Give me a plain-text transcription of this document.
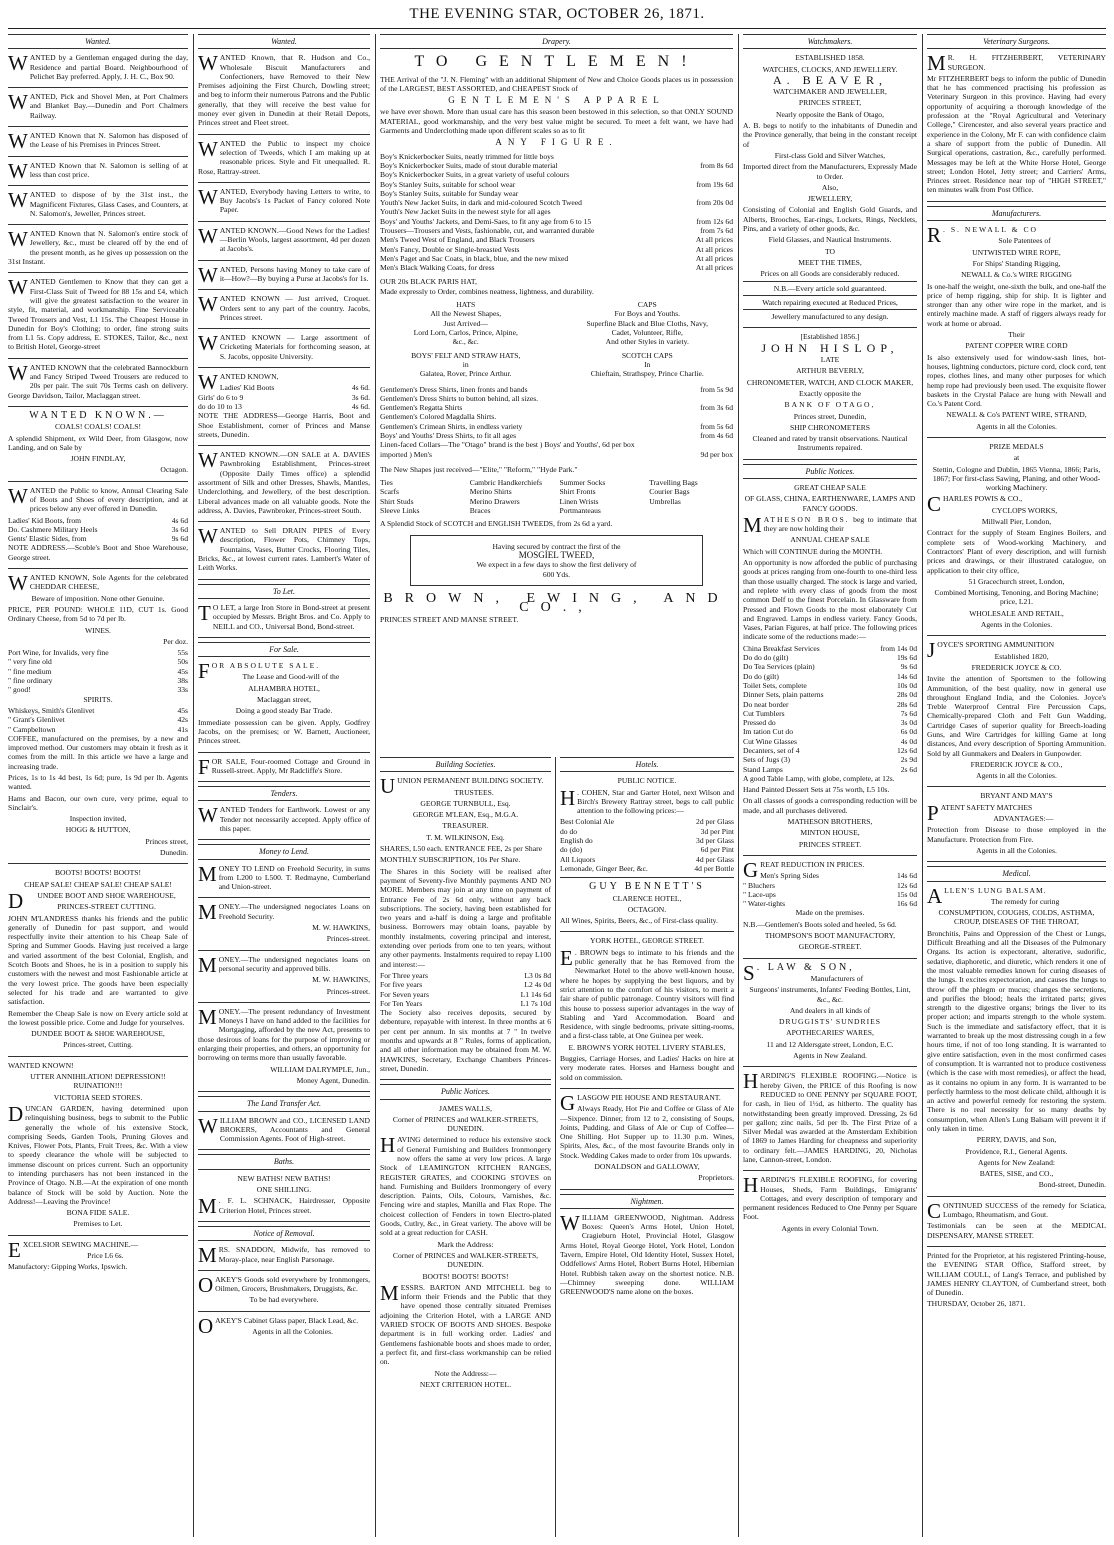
THE EVENING STAR, OCTOBER 26, 1871.
Wanted.

WANTED by a Gentleman engaged during the day, Residence and partial Board. Neighbourhood of Pelichet Bay preferred. Apply, J. H. C., Box 90.

WANTED, Pick and Shovel Men, at Port Chalmers and Blanket Bay.—Dunedin and Port Chalmers Railway.

WANTED Known that N. Salomon has disposed of the Lease of his Premises in Princes Street.

WANTED Known that N. Salomon is selling of at less than cost price.

WANTED to dispose of by the 31st inst., the Magnificent Fixtures, Glass Cases, and Counters, at N. Salomon's, Jeweller, Princes street.

WANTED Known that N. Salomon's entire stock of Jewellery, &c., must be cleared off by the end of the present month, as he gives up possession on the 31st Instant.

WANTED Gentlemen to Know that they can get a First-Class Suit of Tweed for 88 15s and £4, which will give the greatest satisfaction to the wearer in style, fit, material, and workmanship. Fine Serviceable Tweed Trousers and Vest, L1 15s. The Cheapest House in Dunedin for Boy's Clothing; to order, fine strong suits from L1 5s. Copy address, E. STOKES, Tailor, &c., next to British Hotel, George-street

WANTED KNOWN that the celebrated Bannockburn and Fancy Striped Tweed Trousers are reduced to 20s per pair. The suit 70s Terms cash on delivery. George Davidson, Tailor, Maclaggan street.

WANTED KNOWN.—

COALS! COALS! COALS!

A splendid Shipment, ex Wild Deer, from Glasgow, now Landing, and on Sale by

JOHN FINDLAY,

Octagon.

WANTED the Public to know, Annual Clearing Sale of Boots and Shoes of every description, and at prices below any ever offered in Dunedin.

Ladies' Kid Boots, from	4s 6d
Do. Cashmere Military Heels	3s 6d
Gents' Elastic Sides, from	9s 6d

NOTE ADDRESS.—Scoble's Boot and Shoe Warehouse, George street.

WANTED KNOWN, Sole Agents for the celebrated CHEDDAR CHEESE,

Beware of imposition. None other Genuine.

PRICE, PER POUND: WHOLE 11D, CUT 1s. Good Ordinary Cheese, from 5d to 7d per lb.

WINES.

Per doz.

Port Wine, for Invalids, very fine	55s
" very fine old	50s
" fine medium	45s
" fine ordinary	38s
" good!	33s

SPIRITS.

Whiskeys, Smith's Glenlivet	45s
" Grant's Glenlivet	42s
" Campbeltown	41s

COFFEE, manufactured on the premises, by a new and improved method. Our customers may obtain it fresh as it comes from the mill. In this article we have a large and increasing trade.

Prices, 1s to 1s 4d best, 1s 6d; pure, 1s 9d per lb. Agents wanted.

Hams and Bacon, our own cure, very prime, equal to Sinclair's.

Inspection invited,

HOGG & HUTTON,

Princes street,

Dunedin.

BOOTS! BOOTS! BOOTS!

CHEAP SALE! CHEAP SALE! CHEAP SALE!

D UNDEE BOOT AND SHOE WAREHOUSE,

PRINCES-STREET CUTTING.

JOHN M'LANDRESS thanks his friends and the public generally of Dunedin for past support, and would respectfully invite their attention to his Cheap Sale of Spring and Summer Goods. Having just received a large and varied assortment of the best Colonial, English, and Scotch Boots and Shoes, he is in a position to supply his customers with the newest and most Fashionable article at the very lowest price. The goods have been especially selected for his trade and are warranted to give satisfaction.

Remember the Cheap Sale is now on Every article sold at the lowest possible price. Come and Judge for yourselves.

DUNDEE BOOT & SHOE WAREHOUSE,

Princes-street, Cutting.

WANTED KNOWN!

UTTER ANNIHILATION! DEPRESSION!! RUINATION!!!

VICTORIA SEED STORES.

DUNCAN GARDEN, having determined upon relinquishing business, begs to submit to the Public generally the whole of his extensive Stock, comprising Seeds, Garden Tools, Pruning Gloves and Knives, Flower Pots, Plants, Fruit Trees, &c. With a view to speedy clearance the whole will be subjected to immense discount on prices current. Such an opportunity to intending purchasers has not been instanced in the Province of Otago. N.B.—At the expiration of one month balance of Stock will be sold by Auction. Note the Address!—Leaving the Province!

BONA FIDE SALE.

Premises to Let.

EXCELSIOR SEWING MACHINE.—

Price L6 6s.

Manufactory: Gipping Works, Ipswich.

Wanted.

WANTED Known, that R. Hudson and Co., Wholesale Biscuit Manufacturers and Confectioners, have Removed to their New Premises adjoining the First Church, Dowling street; and beg to inform their numerous Patrons and the Public generally, that they will receive the best value for money ever given in Dunedin at their Retail Depots, Princes street and Fleet street.

WANTED the Public to inspect my choice selection of Tweeds, which I am making up at reasonable prices. Style and Fit unequalled. R. Rose, Rattray-street.

WANTED, Everybody having Letters to write, to Buy Jacobs's 1s Packet of Fancy colored Note Paper.

WANTED KNOWN.—Good News for the Ladies!—Berlin Wools, largest assortment, 4d per dozen at Jacobs's.

WANTED, Persons having Money to take care of it—How?—By buying a Purse at Jacobs's for 1s.

WANTED KNOWN — Just arrived, Croquet. Orders sent to any part of the country. Jacobs, Princes street.

WANTED KNOWN — Large assortment of Cricketing Materials for forthcoming season, at S. Jacobs, opposite University.

WANTED KNOWN,

Ladies' Kid Boots	4s 6d.
Girls' do 6 to 9	3s 6d.
do do 10 to 13	4s 6d.

NOTE THE ADDRESS—George Harris, Boot and Shoe Establishment, corner of Princes and Manse streets, Dunedin.

WANTED KNOWN.—ON SALE at A. DAVIES Pawnbroking Establishment, Princes-street (Opposite Daily Times office) a splendid assortment of Silk and other Dresses, Shawls, Mantles, Underclothing, and Jewellery, of the best description. Liberal advances made on all valuable goods. Note the address, A. Davies, Pawnbroker, Princes-street South.

WANTED to Sell DRAIN PIPES of Every description, Flower Pots, Chimney Tops, Fountains, Vases, Butter Crocks, Flooring Tiles, Bricks, &c., at lowest current rates. Lambert's Water of Leith Works.

To Let.

T O LET, a large Iron Store in Bond-street at present occupied by Messrs. Bright Bros. and Co. Apply to NEILL and CO., Universal Bond, Bond-street.

For Sale.

FOR ABSOLUTE SALE.

The Lease and Good-will of the

ALHAMBRA HOTEL,

Maclaggan street,

Doing a good steady Bar Trade.

Immediate possession can be given. Apply, Godfrey Jacobs, on the premises; or W. Barnett, Auctioneer, Princes street.

FOR SALE, Four-roomed Cottage and Ground in Russell-street. Apply, Mr Radcliffe's Store.

Tenders.

WANTED Tenders for Earthwork. Lowest or any Tender not necessarily accepted. Apply office of this paper.

Money to Lend.

MONEY TO LEND on Freehold Security, in sums from L200 to L500. T. Redmayne, Cumberland and Union-street.

MONEY.—The undersigned negociates Loans on Freehold Security.

M. W. HAWKINS,

Princes-street.

MONEY.—The undersigned negociates loans on personal security and approved bills.

M. W. HAWKINS,

Princes-street.

MONEY.—The present redundancy of Investment Moneys I have on hand added to the facilities for Mortgaging, afforded by the new Act, presents to those desirous of loans for the purpose of improving or enlarging their properties, and others, an opportunity for borrowing on terms more than usually favorable.

WILLIAM DALRYMPLE, Jun.,

Money Agent, Dunedin.

The Land Transfer Act.

WILLIAM BROWN and CO., LICENSED LAND BROKERS, Accountants and General Commission Agents. Foot of High-street.

Baths.

NEW BATHS! NEW BATHS!

ONE SHILLING.

M . F. L. SCHNACK, Hairdresser, Opposite Criterion Hotel, Princes street.

Notice of Removal.

MRS. SNADDON, Midwife, has removed to Moray-place, near English Parsonage.

OAKEY'S Goods sold everywhere by Ironmongers, Oilmen, Grocers, Brushmakers, Druggists, &c.

To be had everywhere.

OAKEY'S Cabinet Glass paper, Black Lead, &c.

Agents in all the Colonies.

Drapery.
TO GENTLEMEN!

THE Arrival of the "J. N. Fleming" with an additional Shipment of New and Choice Goods places us in possession of the LARGEST, BEST ASSORTED, and CHEAPEST Stock of

GENTLEMEN'S APPAREL

we have ever shown. More than usual care has this season been bestowed in this selection, so that ONLY SOUND MATERIAL, good workmanship, and the very best value might be secured. To meet a felt want, we have had Garments and Underclothing made upon different scales so as to fit

ANY FIGURE.
Boy's Knickerbocker Suits, neatly trimmed for little boys
Boy's Knickerbocker Suits, made of stout durable material	from 8s 6d
Boy's Knickerbocker Suits, in a great variety of useful colours
Boy's Stanley Suits, suitable for school wear	from 19s 6d
Boy's Stanley Suits, suitable for Sunday wear
Youth's New Jacket Suits, in dark and mid-coloured Scotch Tweed	from 20s 0d
Youth's New Jacket Suits in the newest style for all ages
Boys' and Youths' Jackets, and Demi-Saes, to fit any age from 6 to 15	from 12s 6d
Trousers—Trousers and Vests, fashionable, cut, and warranted durable	from 7s 6d
Men's Tweed West of England, and Black Trousers	At all prices
Men's Fancy, Double or Single-breasted Vests	At all prices
Men's Paget and Sac Coats, in black, blue, and the new mixed	At all prices
Men's Black Walking Coats, for dress	At all prices

OUR 20s BLACK PARIS HAT,

Made expressly to Order, combines neatness, lightness, and durability.

HATS
All the Newest Shapes,
Just Arrived—
Lord Lorn, Carlos, Prince, Alpine,
&c., &c.
CAPS
For Boys and Youths.
Superfine Black and Blue Cloths, Navy,
Cadet, Volunteer, Rifle,
And other Styles in variety.
BOYS' FELT AND STRAW HATS,
in
Galatea, Rover, Prince Arthur.
SCOTCH CAPS
In
Chieftain, Strathspey, Prince Charlie.
Gentlemen's Dress Shirts, linen fronts and bands	from 5s 9d
Gentlemen's Dress Shirts to button behind, all sizes.
Gentlemen's Regatta Shirts	from 3s 6d
Gentlemen's Colored Magdalla Shirts.
Gentlemen's Crimean Shirts, in endless variety	from 5s 6d
Boys' and Youths' Dress Shirts, to fit all ages	from 4s 6d
Linen-faced Collars—The "Otago" brand is the best ) Boys' and Youths', 6d per box
imported ) Men's	9d per box

The New Shapes just received—"Elite," "Reform," "Hyde Park."

Ties	Cambric Handkerchiefs	Summer Socks	Travelling Bags
Scarfs	Merino Shirts	Shirt Fronts	Courier Bags
Shirt Studs	Merino Drawers	Linen Wrists	Umbrellas
Sleeve Links	Braces	Portmanteaus

A Splendid Stock of SCOTCH and ENGLISH TWEEDS, from 2s 6d a yard.

Having secured by contract the first of the
MOSGIEL TWEED,
We expect in a few days to show the first delivery of
600 Yds.
BROWN, EWING, AND CO.,

PRINCES STREET AND MANSE STREET.

Building Societies.

UUNION PERMANENT BUILDING SOCIETY.

TRUSTEES.

GEORGE TURNBULL, Esq.

GEORGE M'LEAN, Esq., M.G.A.

TREASURER.

T. M. WILKINSON, Esq.

SHARES, L50 each. ENTRANCE FEE, 2s per Share

MONTHLY SUBSCRIPTION, 10s Per Share.

The Shares in this Society will be realised after payment of Seventy-five Monthly payments AND NO MORE. Members may join at any time on payment of Entrance Fee of 2s 6d only, without any back subscriptions. The society, having been established for two years and a-half is doing a large and profitable business. Borrowers may obtain loans, payable by monthly instalments, covering principal and interest, extending over periods from one to ten years, without any other payments. Instalments required to repay L100 and interest:—

For Three years	L3 0s 8d
For five years	L2 4s 0d
For Seven years	L1 14s 6d
For Ten Years	L1 7s 10d

The Society also receives deposits, secured by debenture, repayable with interest. In three months at 6 per cent per annum. In six months at 7 " In twelve months and upwards at 8 " Rules, forms of application, and all other information may be obtained from M. W. HAWKINS, Secretary, Exchange Chambers Princes-street, Dunedin.

Public Notices.

JAMES WALLS,

Corner of PRINCES and WALKER-STREETS, DUNEDIN.

HAVING determined to reduce his extensive stock of General Furnishing and Builders Ironmongery now offers the same at very low prices. A large Stock of LEAMINGTON KITCHEN RANGES, REGISTER GRATES, and COOKING STOVES on hand. Furnishing and Builders Ironmongery of every description. Paints, Oils, Colours, Varnishes, &c. Fencing wire and staples, Manilla and Flax Rope. The choicest collection of Fenders in town Electro-plated Goods, Cutlry, &c., in Great variety. The above will be sold at a great reduction for CASH.

Mark the Address:

Corner of PRINCES and WALKER-STREETS, DUNEDIN.

BOOTS! BOOTS! BOOTS!

MESSRS. BARTON AND MITCHELL beg to inform their Friends and the Public that they have opened those centrally situated Premises adjoining the Criterion Hotel, with a LARGE AND VARIED STOCK OF BOOTS AND SHOES. Bespoke department is in full working order. Ladies' and Gentlemens fashionable boots and shoes made to order, a perfect fit, and first-class workmanship can be relied on.

Note the Address:—

NEXT CRITERION HOTEL.

Hotels.

PUBLIC NOTICE.

H . COHEN, Star and Garter Hotel, next Wilson and Birch's Brewery Rattray street, begs to call public attention to the following prices:—

Best Colonial Ale	2d per Glass
do do	3d per Pint
English do	3d per Glass
do (do)	6d per Pint
All Liquors	4d per Glass
Lemonade, Ginger Beer, &c.	4d per Bottle

GUY BENNETT'S

CLARENCE HOTEL,

OCTAGON.

All Wines, Spirits, Beers, &c., of First-class quality.

YORK HOTEL, GEORGE STREET.

E . BROWN begs to intimate to his friends and the public generally that he has Removed from the Newmarket Hotel to the above well-known house, where he hopes by supplying the best liquors, and by strict attention to the comfort of his visitors, to merit a fair share of public patronage. Country visitors will find this house to possess superior advantages in the way of Stabling and Yard Accommodation. Board and Residence, with single bedrooms, private sitting-rooms, and a first-class table, at One Guinea per week.

E. BROWN'S YORK HOTEL LIVERY STABLES,

Buggies, Carriage Horses, and Ladies' Hacks on hire at very moderate rates. Horses and Harness bought and sold on commission.

GLASGOW PIE HOUSE AND RESTAURANT.

Always Ready, Hot Pie and Coffee or Glass of Ale—Sixpence. Dinner, from 12 to 2, consisting of Soups, Joints, Pudding, and Glass of Ale or Cup of Coffee—One Shilling. Hot Supper up to 11.30 p.m. Wines, Spirits, Ales, &c., of the most favourite Brands only in Stock. Wedding Cakes made to order from 10s upwards.

DONALDSON and GALLOWAY,

Proprietors.

Nightmen.

WILLIAM GREENWOOD, Nightman. Address Boxes: Queen's Arms Hotel, Union Hotel, Cragieburn Hotel, Provincial Hotel, Glasgow Arms Hotel, Royal George Hotel, York Hotel, London Tavern, Empire Hotel, Old Identity Hotel, Sussex Hotel, Oddfellows' Arms Hotel, Robert Burns Hotel, Hibernian Hotel. Rubbish taken away on the shortest notice. N.B.—Chimney sweeping done. WILLIAM GREENWOOD'S name alone on the boxes.

Watchmakers.

ESTABLISHED 1858.

WATCHES, CLOCKS, AND JEWELLERY.

A. BEAVER,

WATCHMAKER AND JEWELLER,

PRINCES STREET,

Nearly opposite the Bank of Otago,

A. B. begs to notify to the inhabitants of Dunedin and the Province generally, that being in the constant receipt of

First-class Gold and Silver Watches,

Imported direct from the Manufacturers, Expressly Made to Order.

Also,

JEWELLERY,

Consisting of Colonial and English Gold Guards, and Alberts, Brooches, Ear-rings, Lockets, Rings, Necklets, Pins, and a variety of other goods, &c.

Field Glasses, and Nautical Instruments.

TO

MEET THE TIMES,

Prices on all Goods are considerably reduced.

N.B.—Every article sold guaranteed.

Watch repairing executed at Reduced Prices,

Jewellery manufactured to any design.

[Established 1856.]

JOHN HISLOP,

LATE

ARTHUR BEVERLY,

CHRONOMETER, WATCH, AND CLOCK MAKER,

Exactly opposite the

BANK OF OTAGO,

Princes street, Dunedin,

SHIP CHRONOMETERS

Cleaned and rated by transit observations. Nautical Instruments repaired.

Public Notices.

GREAT CHEAP SALE

OF GLASS, CHINA, EARTHENWARE, LAMPS AND FANCY GOODS.

MATHESON BROS. beg to intimate that they are now holding their

ANNUAL CHEAP SALE

Which will CONTINUE during the MONTH.

An opportunity is now afforded the public of purchasing goods at prices ranging from one-fourth to one-third less than those usually charged. The stock is large and varied, and replete with every class of goods from the most common Delf to the finest Porcelain. In Glassware from Pressed and Flown Goods to the most elaborately Cut and Engraved. Lamps in endless variety. Fancy Goods, Vases, Parian Figures, at half price. The following prices indicate some of the reductions made:—

China Breakfast Services	from 14s 0d
Do do do (gilt)	19s 6d
Do Tea Services (plain)	9s 6d
Do do (gilt)	14s 6d
Toilet Sets, complete	10s 0d
Dinner Sets, plain patterns	28s 0d
Do neat border	28s 6d
Cut Tumblers	7s 6d
Pressed do	3s 0d
Im tation Cut do	6s 0d
Cut Wine Glasses	4s 0d
Decanters, set of 4	12s 6d
Sets of Jugs (3)	2s 9d
Stand Lamps	2s 6d

A good Table Lamp, with globe, complete, at 12s.

Hand Painted Dessert Sets at 75s worth, L5 10s.

On all classes of goods a corresponding reduction will be made, and all purchases delivered.

MATHESON BROTHERS,

MINTON HOUSE,

PRINCES STREET.

GREAT REDUCTION IN PRICES.

Men's Spring Sides	14s 6d
" Bluchers	12s 6d
" Lace-ups	15s 0d
" Water-tights	16s 6d

Made on the premises.

N.B.—Gentlemen's Boots soled and heeled, 5s 6d.

THOMPSON'S BOOT MANUFACTORY,

GEORGE-STREET.

S . LAW & SON,

Manufacturers of

Surgeons' instruments, Infants' Feeding Bottles, Lint, &c., &c.

And dealers in all kinds of

DRUGGISTS' SUNDRIES

APOTHECARIES' WARES,

11 and 12 Aldersgate street, London, E.C.

Agents in New Zealand.

HARDING'S FLEXIBLE ROOFING.—Notice is hereby Given, the PRICE of this Roofing is now REDUCED to ONE PENNY per SQUARE FOOT, for cash, in lieu of 1½d, as hitherto. The quality has notwithstanding been greatly improved. Dressing, 2s 6d per gallon; zinc nails, 5d per lb. The First Prize of a Silver Medal was awarded at the Amsterdam Exhibition of 1869 to James Harding for cheapness and superiority to ordinary felt.—JAMES HARDING, 20, Nicholas lane, Cannon-street, London.

HARDING'S FLEXIBLE ROOFING, for covering Houses, Sheds, Farm Buildings, Emigrants' Cottages, and every description of temporary and permanent residences Reduced to One Penny per Square Foot.

Agents in every Colonial Town.

Veterinary Surgeons.

M R. H. FITZHERBERT, VETERINARY SURGEON.

Mr FITZHERBERT begs to inform the public of Dunedin that he has commenced practising his profession as Veterinary Surgeon in this province. Having had every opportunity of acquiring a thorough knowledge of the profession at the "Royal Agricultural and Veterinary College," Cirencester, and also several years practice and experience in the Colony, Mr F. can with confidence claim a share of support from the public of Dunedin. All Surgical operations, castration, &c., carefully performed. Messages may be left at the White Horse Hotel, George street; London Hotel, Jetty street; and Carriers' Arms, Princes street. Residence near top of "HIGH STREET," ten minutes walk from Post Office.

Manufacturers.

R . S. NEWALL & CO

Sole Patentees of

UNTWISTED WIRE ROPE,

For Ships' Standing Rigging,

NEWALL & Co.'s WIRE RIGGING

Is one-half the weight, one-sixth the bulk, and one-half the price of hemp rigging, ship for ship. It is lighter and stronger than any other wire rope in the market, and is entirely machine made. A staff of riggers always ready for work at home or abroad.

Their

PATENT COPPER WIRE CORD

Is also extensively used for window-sash lines, hot-houses, lightning conductors, picture cord, clock cord, tent ropes, clothes lines, and many other purposes for which hemp rope had previously been used. The exquisite flower baskets in the Crystal Palace are hung with Newall and Co.'s Patent Cord.

NEWALL & Co's PATENT WIRE, STRAND,

Agents in all the Colonies.

PRIZE MEDALS

at

Stettin, Cologne and Dublin, 1865 Vienna, 1866; Paris, 1867; For first-class Sawing, Planing, and other Wood-working Machinery.

CHARLES POWIS & CO.,

CYCLOPS WORKS,

Millwall Pier, London,

Contract for the supply of Steam Engines Boilers, and complete sets of Wood-working Machinery, and Contractors' Plant of every description, and will furnish prices and drawings, or their illustrated catalogue, on application to their city office,

51 Gracechurch street, London,

Combined Mortising, Tenoning, and Boring Machine; price, L21.

WHOLESALE AND RETAIL,

Agents in the Colonies.

JOYCE'S SPORTING AMMUNITION

Established 1820,

FREDERICK JOYCE & CO.

Invite the attention of Sportsmen to the following Ammunition, of the best quality, now in general use throughout England India, and the Colonies. Joyce's Treble Waterproof Central Fire Percussion Caps, Chemically-prepared Cloth and Felt Gun Wadding, Cartridge Cases of superior quality for Breech-loading Guns, and Wire Cartridges for killing Game at long distances, And every description of Sporting Ammunition. Sold by all Gunmakers and Dealers in Gunpowder.

FREDERICK JOYCE & CO.,

Agents in all the Colonies.

BRYANT AND MAY'S

PATENT SAFETY MATCHES

ADVANTAGES:—

Protection from Disease to those employed in the Manufacture. Protection from Fire.

Agents in all the Colonies.

Medical.

ALLEN'S LUNG BALSAM.

The remedy for curing

CONSUMPTION, COUGHS, COLDS, ASTHMA, CROUP, DISEASES OF THE THROAT,

Bronchitis, Pains and Oppression of the Chest or Lungs, Difficult Breathing and all the Diseases of the Pulmonary Organs. Its action is expectorant, alterative, sudorific, sedative, diaphoretic, and diuretic, which renders it one of the most valuable remedies known for curing diseases of the lungs. It excites expectoration, and causes the lungs to throw off the phlegm or mucus; changes the secretions, and purifies the blood; heals the irritated parts; gives strength to the digestive organs; brings the liver to its proper action; and imparts strength to the whole system. Such is the immediate and satisfactory effect, that it is warranted to break up the most distressing cough in a few hours time, if not of too long standing. It is warranted to give entire satisfaction, even in the most confirmed cases of consumption. It is warranted not to produce costiveness (which is the case with most remedies), or affect the head, as it contains no opium in any form. It is warranted to be perfectly harmless to the most delicate child, although it is an active and powerful remedy for restoring the system. There is no real necessity for so many deaths by consumption, when Allen's Lung Balsam will prevent it if only taken in time.

PERRY, DAVIS, and Son,

Providence, R.I., General Agents.

Agents for New Zealand:

BATES, SISE, and CO.,

Bond-street, Dunedin.

CONTINUED SUCCESS of the remedy for Sciatica, Lumbago, Rheumatism, and Gout.

Testimonials can be seen at the MEDICAL DISPENSARY, MANSE STREET.

Printed for the Proprietor, at his registered Printing-house, the EVENING STAR Office, Stafford street, by WILLIAM COULL, of Lang's Terrace, and published by JAMES HENRY CLAYTON, of Cumberland street, both of Dunedin.

THURSDAY, October 26, 1871.
